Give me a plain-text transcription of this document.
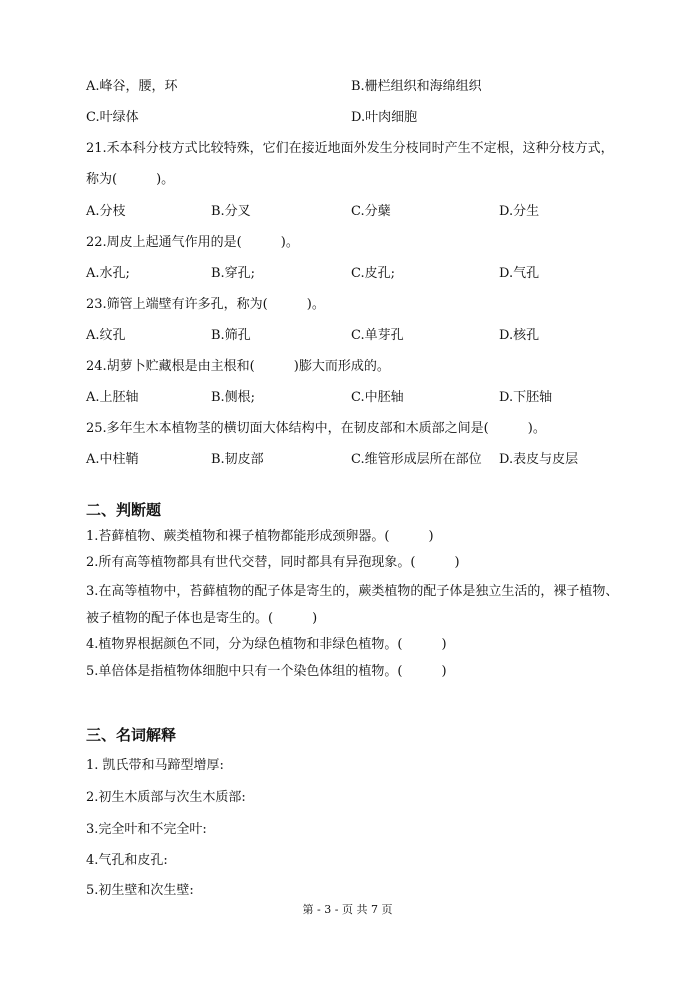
A.峰谷，腰，环	B.栅栏组织和海绵组织
C.叶绿体	D.叶肉细胞
21.禾本科分枝方式比较特殊，它们在接近地面外发生分枝同时产生不定根，这种分枝方式，
称为(　　　)。
A.分枝	B.分叉	C.分蘖	D.分生
22.周皮上起通气作用的是(　　　)。
A.水孔;	B.穿孔;	C.皮孔;	D.气孔
23.筛管上端壁有许多孔，称为(　　　)。
A.纹孔	B.筛孔	C.单芽孔	D.核孔
24.胡萝卜贮藏根是由主根和(　　　)膨大而形成的。
A.上胚轴	B.侧根;	C.中胚轴	D.下胚轴
25.多年生木本植物茎的横切面大体结构中，在韧皮部和木质部之间是(　　　)。
A.中柱鞘	B.韧皮部	C.维管形成层所在部位 D.表皮与皮层
二、判断题
1.苔藓植物、蕨类植物和裸子植物都能形成颈卵器。(　　　)
2.所有高等植物都具有世代交替，同时都具有异孢现象。(　　　)
3.在高等植物中，苔藓植物的配子体是寄生的，蕨类植物的配子体是独立生活的，裸子植物、
被子植物的配子体也是寄生的。(　　　)
4.植物界根据颜色不同，分为绿色植物和非绿色植物。(　　　)
5.单倍体是指植物体细胞中只有一个染色体组的植物。(　　　)
三、名词解释
1. 凯氏带和马蹄型增厚:
2.初生木质部与次生木质部:
3.完全叶和不完全叶:
4.气孔和皮孔:
5.初生壁和次生壁:
第 - 3 - 页 共 7 页
